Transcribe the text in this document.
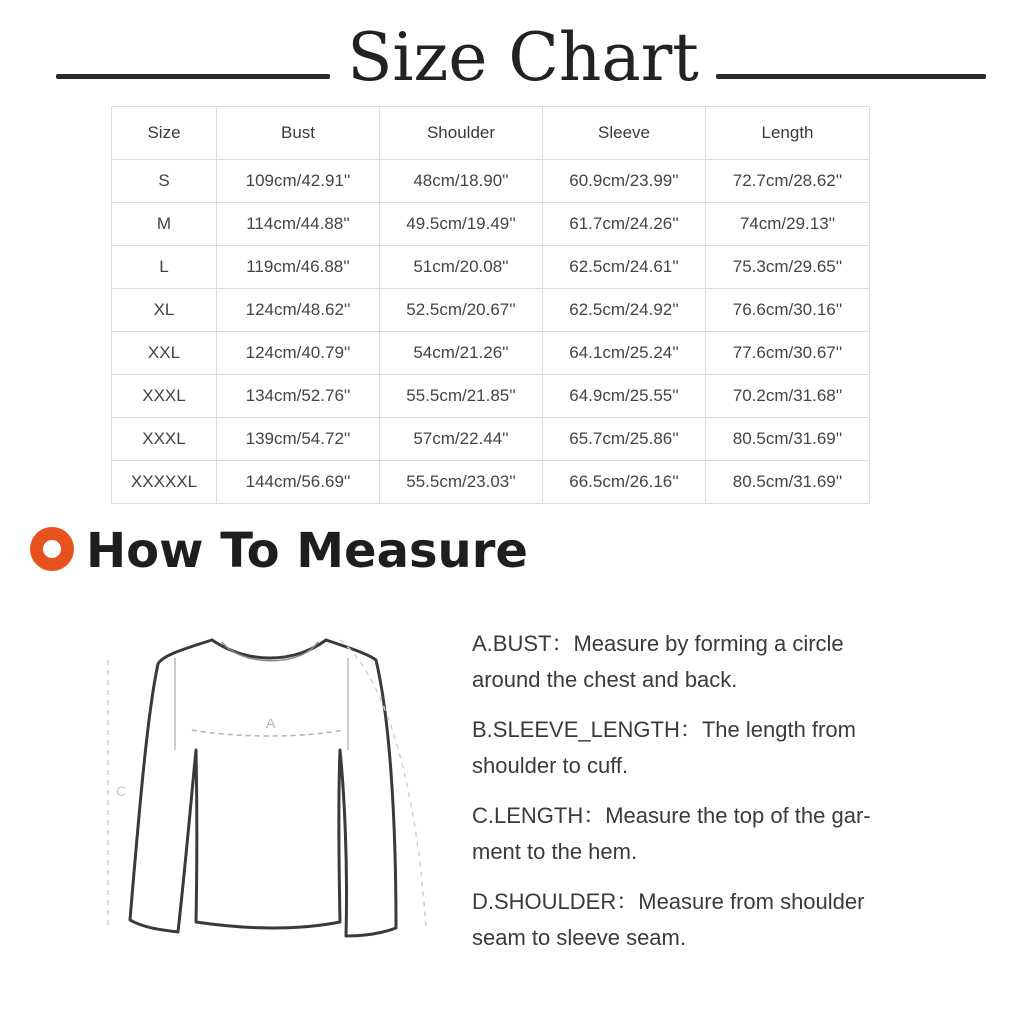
Size Chart
Size	Bust	Shoulder	Sleeve	Length
S	109cm/42.91''	48cm/18.90''	60.9cm/23.99''	72.7cm/28.62''
M	114cm/44.88''	49.5cm/19.49''	61.7cm/24.26''	74cm/29.13''
L	119cm/46.88''	51cm/20.08''	62.5cm/24.61''	75.3cm/29.65''
XL	124cm/48.62''	52.5cm/20.67''	62.5cm/24.92''	76.6cm/30.16''
XXL	124cm/40.79''	54cm/21.26''	64.1cm/25.24''	77.6cm/30.67''
XXXL	134cm/52.76''	55.5cm/21.85''	64.9cm/25.55''	70.2cm/31.68''
XXXL	139cm/54.72''	57cm/22.44''	65.7cm/25.86''	80.5cm/31.69''
XXXXXL	144cm/56.69''	55.5cm/23.03''	66.5cm/26.16''	80.5cm/31.69''
How To Measure
A
C
A.BUST：Measure by forming a circle
around the chest and back.
B.SLEEVE_LENGTH：The length from
shoulder to cuff.
C.LENGTH：Measure the top of the gar-
ment to the hem.
D.SHOULDER：Measure from shoulder
seam to sleeve seam.
